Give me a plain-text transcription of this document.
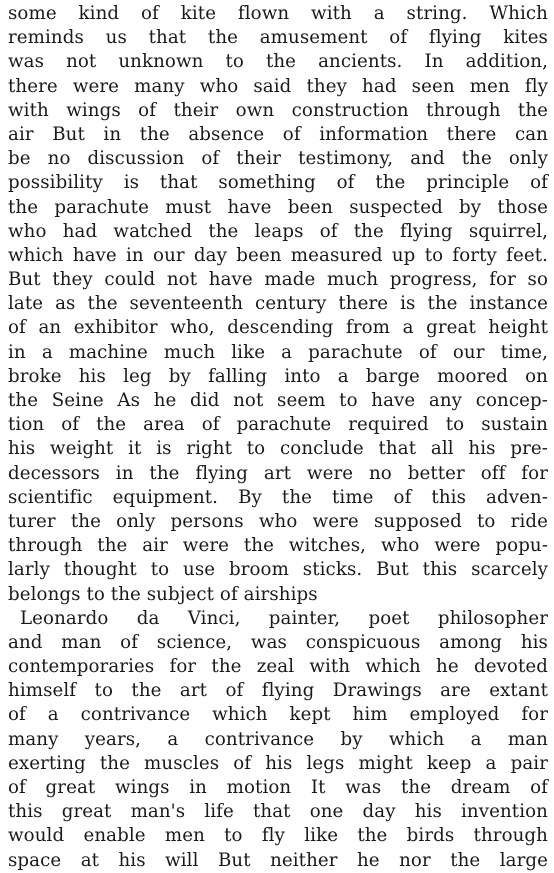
some kind of kite flown with a string. Which
reminds us that the amusement of flying kites
was not unknown to the ancients. In addition,
there were many who said they had seen men fly
with wings of their own construction through the
air But in the absence of information there can
be no discussion of their testimony, and the only
possibility is that something of the principle of
the parachute must have been suspected by those
who had watched the leaps of the flying squirrel,
which have in our day been measured up to forty feet.
But they could not have made much progress, for so
late as the seventeenth century there is the instance
of an exhibitor who, descending from a great height
in a machine much like a parachute of our time,
broke his leg by falling into a barge moored on
the Seine As he did not seem to have any concep-
tion of the area of parachute required to sustain
his weight it is right to conclude that all his pre-
decessors in the flying art were no better off for
scientific equipment. By the time of this adven-
turer the only persons who were supposed to ride
through the air were the witches, who were popu-
larly thought to use broom sticks. But this scarcely
belongs to the subject of airships
Leonardo da Vinci, painter, poet philosopher
and man of science, was conspicuous among his
contemporaries for the zeal with which he devoted
himself to the art of flying Drawings are extant
of a contrivance which kept him employed for
many years, a contrivance by which a man
exerting the muscles of his legs might keep a pair
of great wings in motion It was the dream of
this great man's life that one day his invention
would enable men to fly like the birds through
space at his will But neither he nor the large
